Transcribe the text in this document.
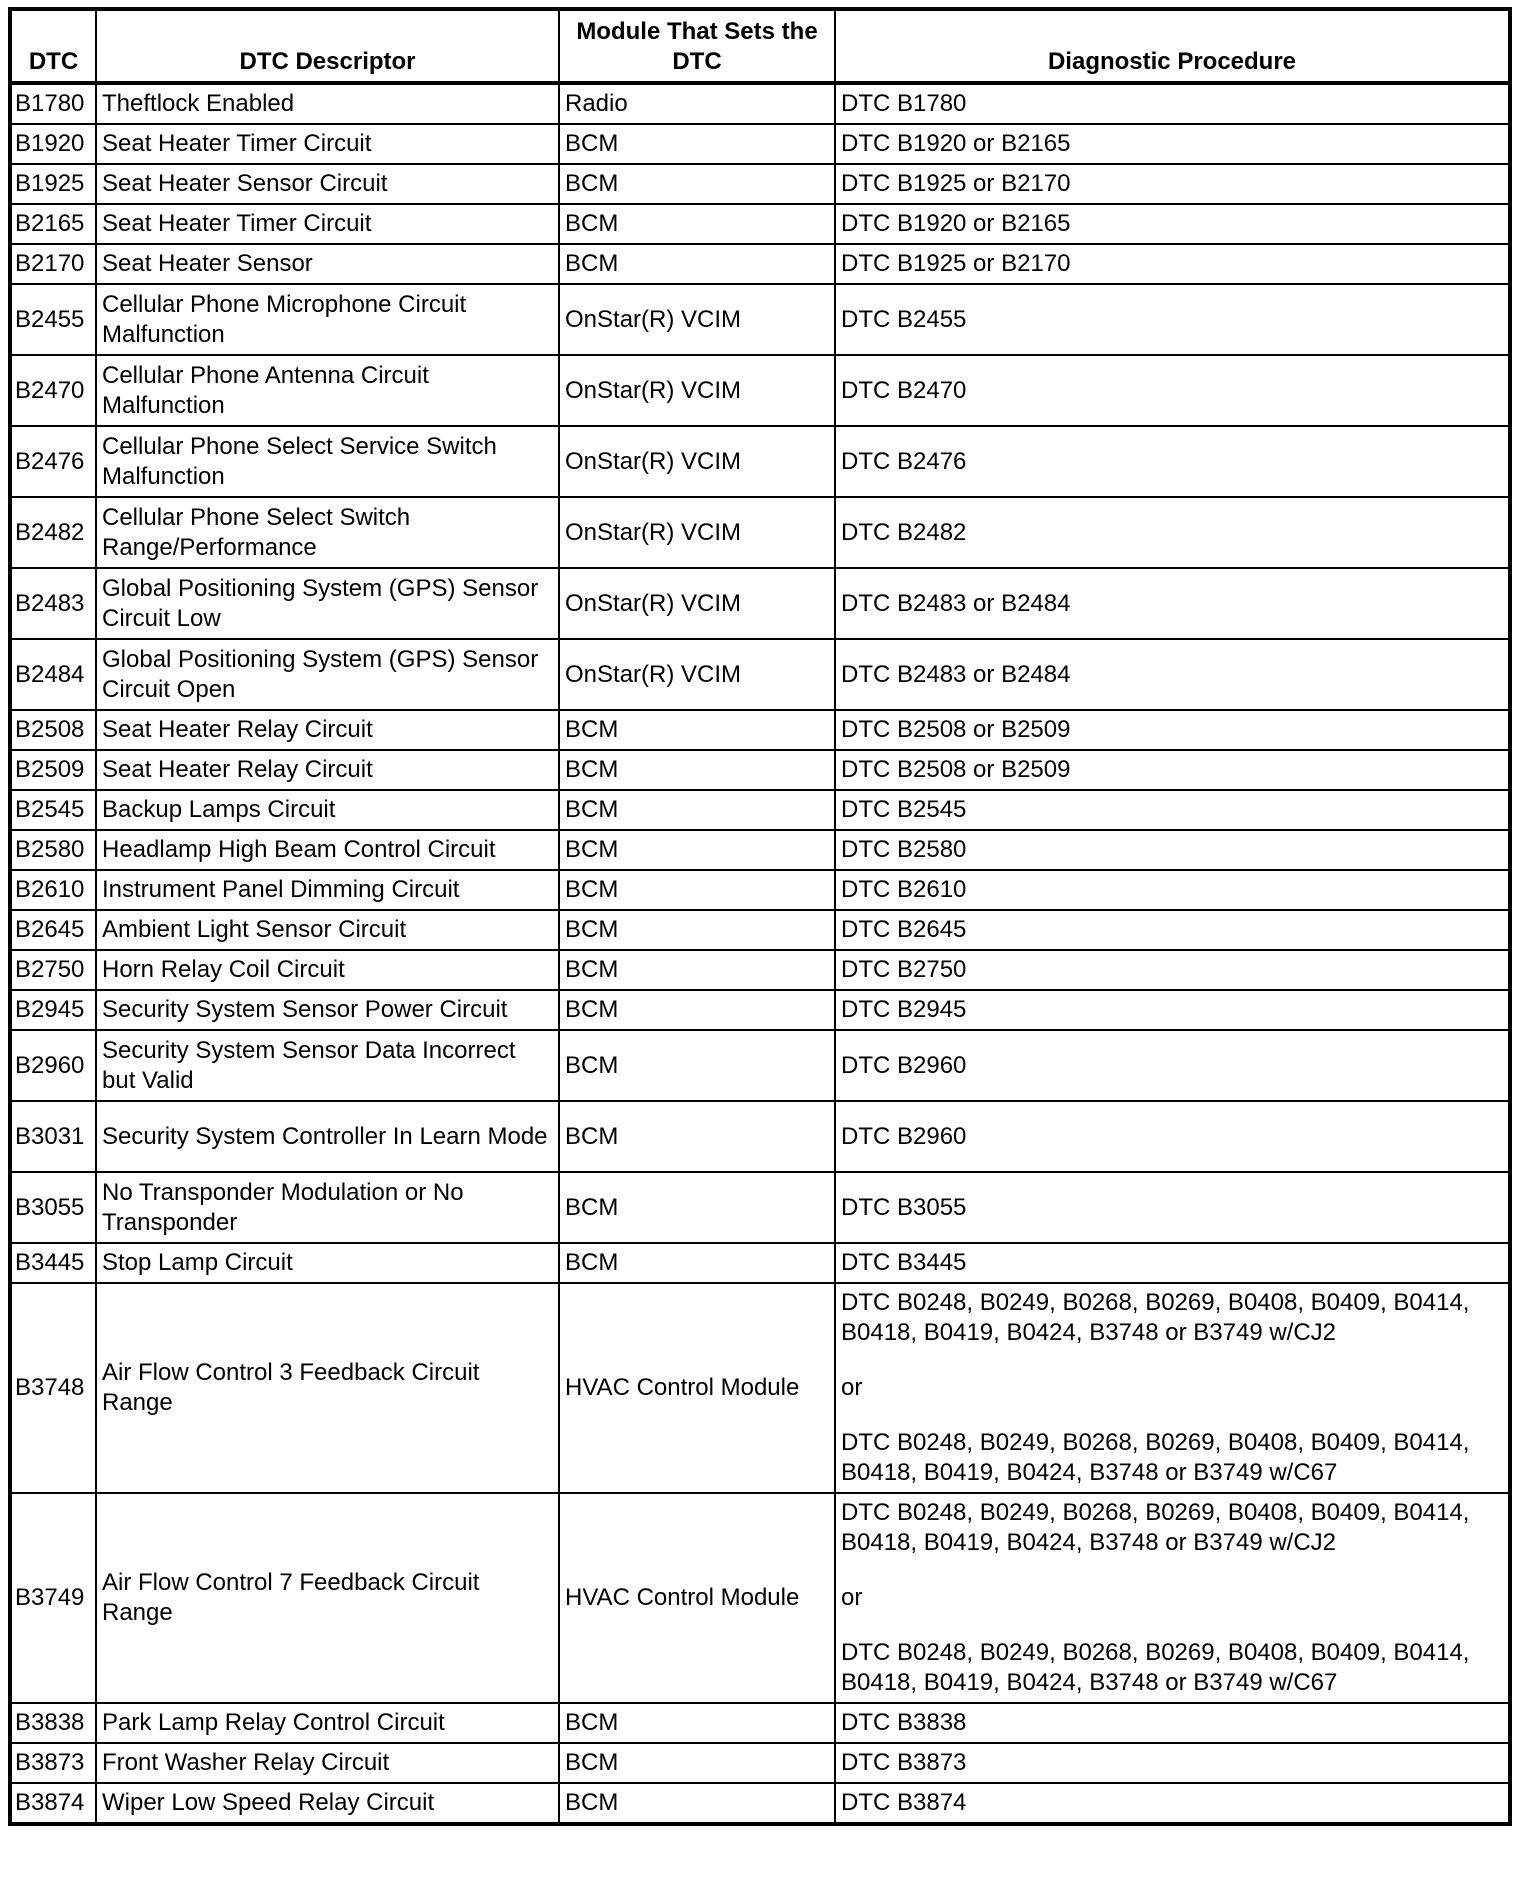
DTC	DTC Descriptor	Module That Sets the DTC	Diagnostic Procedure
B1780	Theftlock Enabled	Radio	DTC B1780

B1920	Seat Heater Timer Circuit	BCM	DTC B1920 or B2165

B1925	Seat Heater Sensor Circuit	BCM	DTC B1925 or B2170

B2165	Seat Heater Timer Circuit	BCM	DTC B1920 or B2165

B2170	Seat Heater Sensor	BCM	DTC B1925 or B2170

B2455	Cellular Phone Microphone Circuit Malfunction	OnStar(R) VCIM	DTC B2455

B2470	Cellular Phone Antenna Circuit Malfunction	OnStar(R) VCIM	DTC B2470

B2476	Cellular Phone Select Service Switch Malfunction	OnStar(R) VCIM	DTC B2476

B2482	Cellular Phone Select Switch Range/Performance	OnStar(R) VCIM	DTC B2482

B2483	Global Positioning System (GPS) Sensor Circuit Low	OnStar(R) VCIM	DTC B2483 or B2484

B2484	Global Positioning System (GPS) Sensor Circuit Open	OnStar(R) VCIM	DTC B2483 or B2484

B2508	Seat Heater Relay Circuit	BCM	DTC B2508 or B2509

B2509	Seat Heater Relay Circuit	BCM	DTC B2508 or B2509

B2545	Backup Lamps Circuit	BCM	DTC B2545

B2580	Headlamp High Beam Control Circuit	BCM	DTC B2580

B2610	Instrument Panel Dimming Circuit	BCM	DTC B2610

B2645	Ambient Light Sensor Circuit	BCM	DTC B2645

B2750	Horn Relay Coil Circuit	BCM	DTC B2750

B2945	Security System Sensor Power Circuit	BCM	DTC B2945

B2960	Security System Sensor Data Incorrect but Valid	BCM	DTC B2960

B3031	Security System Controller In Learn Mode	BCM	DTC B2960

B3055	No Transponder Modulation or No Transponder	BCM	DTC B3055

B3445	Stop Lamp Circuit	BCM	DTC B3445

B3748	Air Flow Control 3 Feedback Circuit Range	HVAC Control Module	DTC B0248, B0249, B0268, B0269, B0408, B0409, B0414, B0418, B0419, B0424, B3748 or B3749 w/CJ2
or
DTC B0248, B0249, B0268, B0269, B0408, B0409, B0414, B0418, B0419, B0424, B3748 or B3749 w/C67

B3749	Air Flow Control 7 Feedback Circuit Range	HVAC Control Module	DTC B0248, B0249, B0268, B0269, B0408, B0409, B0414, B0418, B0419, B0424, B3748 or B3749 w/CJ2
or
DTC B0248, B0249, B0268, B0269, B0408, B0409, B0414, B0418, B0419, B0424, B3748 or B3749 w/C67

B3838	Park Lamp Relay Control Circuit	BCM	DTC B3838

B3873	Front Washer Relay Circuit	BCM	DTC B3873

B3874	Wiper Low Speed Relay Circuit	BCM	DTC B3874
